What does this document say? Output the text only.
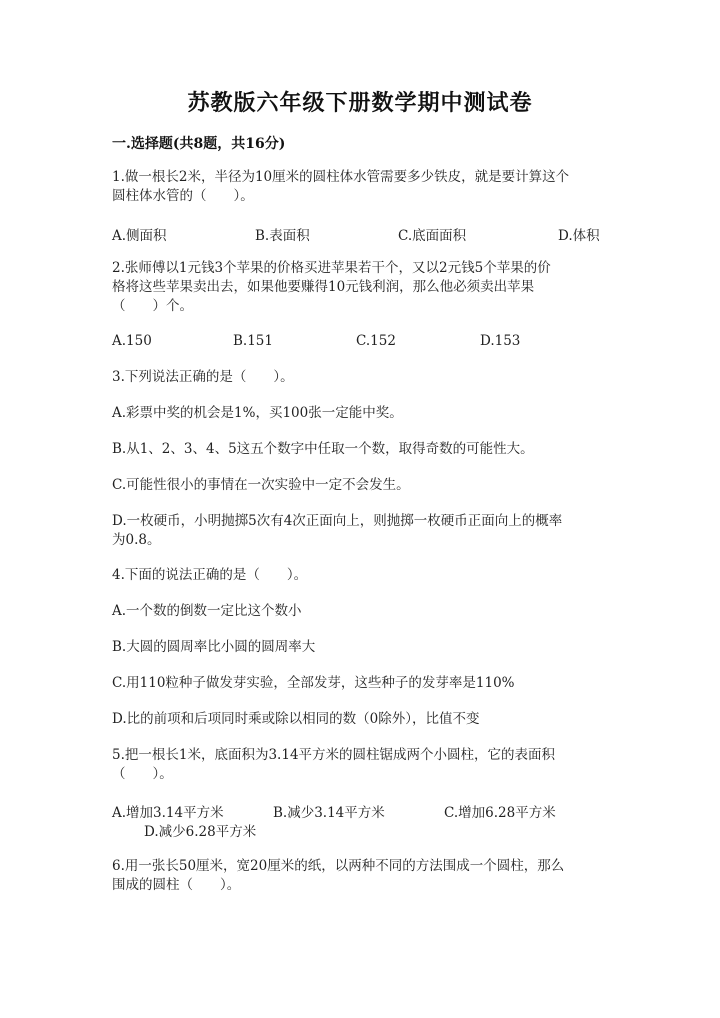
苏教版六年级下册数学期中测试卷
一.选择题(共8题，共16分)
1.做一根长2米，半径为10厘米的圆柱体水管需要多少铁皮，就是要计算这个
圆柱体水管的（　　）。
A.侧面积	B.表面积	C.底面面积	D.体积
2.张师傅以1元钱3个苹果的价格买进苹果若干个，又以2元钱5个苹果的价
格将这些苹果卖出去，如果他要赚得10元钱利润，那么他必须卖出苹果
（　　）个。
A.150	B.151	C.152	D.153
3.下列说法正确的是（　　）。
A.彩票中奖的机会是1%，买100张一定能中奖。
B.从1、2、3、4、5这五个数字中任取一个数，取得奇数的可能性大。
C.可能性很小的事情在一次实验中一定不会发生。
D.一枚硬币，小明抛掷5次有4次正面向上，则抛掷一枚硬币正面向上的概率
为0.8。
4.下面的说法正确的是（　　）。
A.一个数的倒数一定比这个数小
B.大圆的圆周率比小圆的圆周率大
C.用110粒种子做发芽实验，全部发芽，这些种子的发芽率是110%
D.比的前项和后项同时乘或除以相同的数（0除外），比值不变
5.把一根长1米，底面积为3.14平方米的圆柱锯成两个小圆柱，它的表面积
（　　）。
A.增加3.14平方米	B.减少3.14平方米	C.增加6.28平方米
D.减少6.28平方米
6.用一张长50厘米，宽20厘米的纸，以两种不同的方法围成一个圆柱，那么
围成的圆柱（　　）。
